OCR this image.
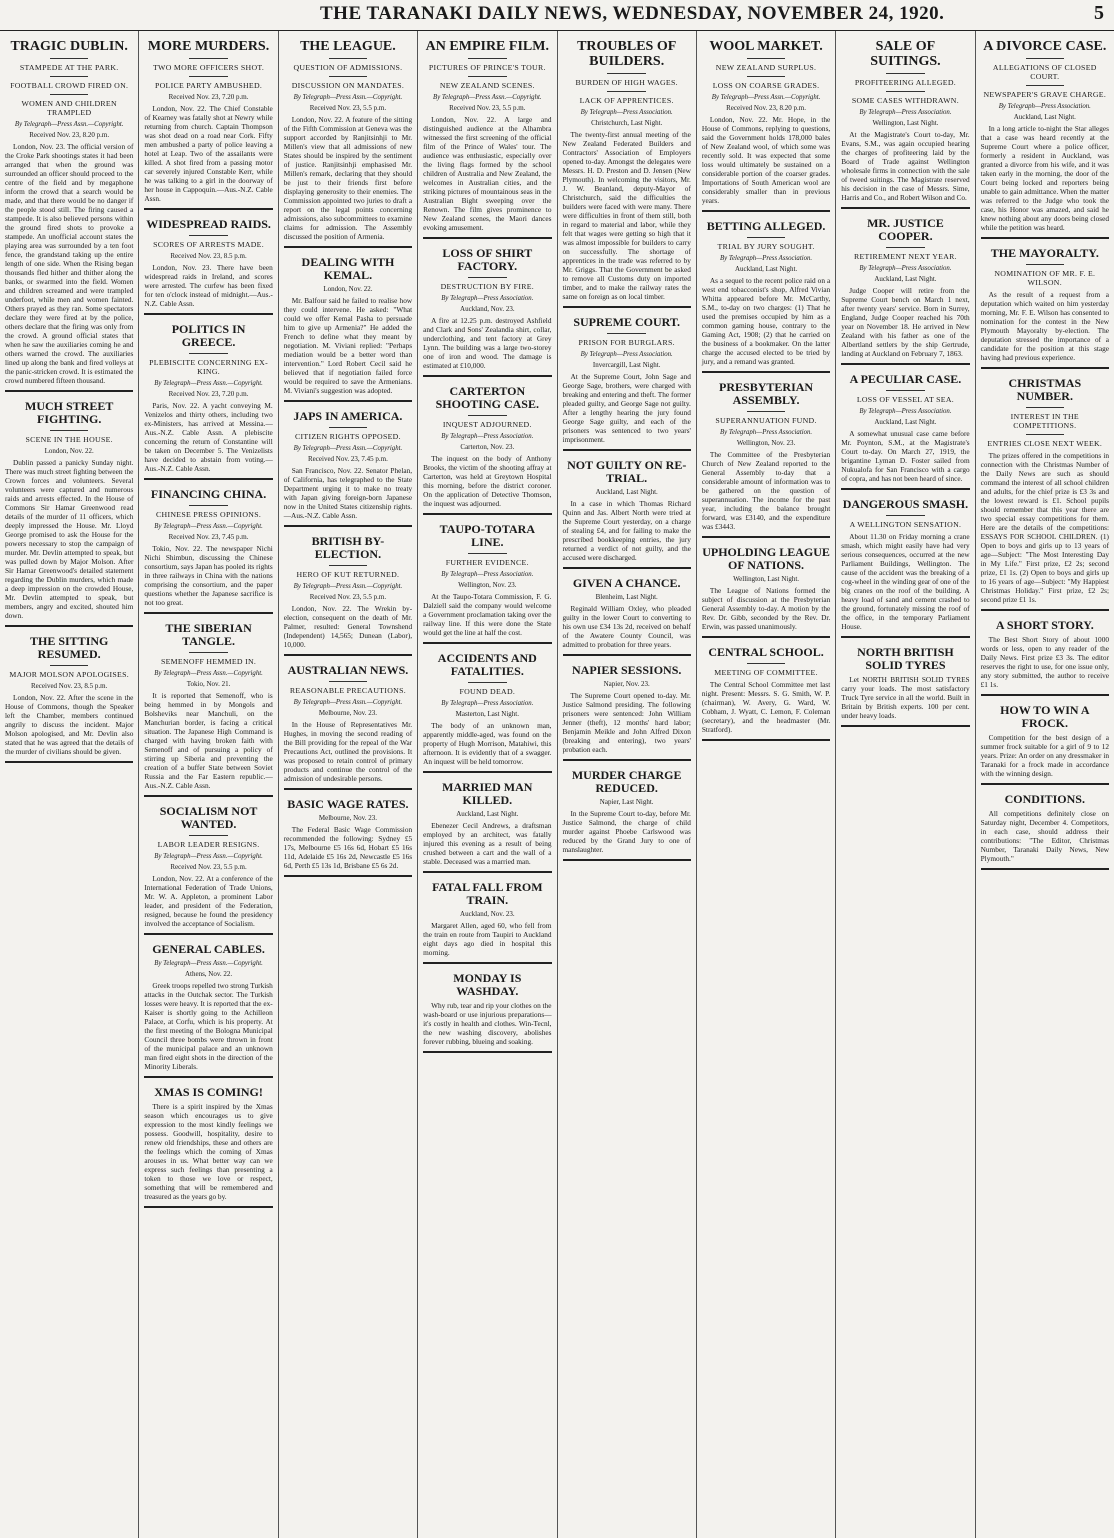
THE TARANAKI DAILY NEWS, WEDNESDAY, NOVEMBER 24, 1920.	5
TRAGIC DUBLIN.
STAMPEDE AT THE PARK.
FOOTBALL CROWD FIRED ON.
WOMEN AND CHILDREN TRAMPLED
By Telegraph—Press Assn.—Copyright.
Received Nov. 23, 8.20 p.m.

London, Nov. 23. The official version of the Croke Park shootings states it had been arranged that when the ground was surrounded an officer should proceed to the centre of the field and by megaphone inform the crowd that a search would be made, and that there would be no danger if the people stood still. The firing caused a stampede. It is also believed persons within the ground fired shots to provoke a stampede. An unofficial account states the playing area was surrounded by a ten foot fence, the grandstand taking up the entire length of one side. When the Rising began thousands fled hither and thither along the banks, or swarmed into the field. Women and children screamed and were trampled underfoot, while men and women fainted. Others prayed as they ran. Some spectators declare they were fired at by the police, others declare that the firing was only from the crowd. A ground official states that when he saw the auxiliaries coming he and others warned the crowd. The auxiliaries lined up along the bank and fired volleys at the panic-stricken crowd. It is estimated the crowd numbered fifteen thousand.

MUCH STREET FIGHTING.
SCENE IN THE HOUSE.
London, Nov. 22.

Dublin passed a panicky Sunday night. There was much street fighting between the Crown forces and volunteers. Several volunteers were captured and numerous raids and arrests effected. In the House of Commons Sir Hamar Greenwood read details of the murder of 11 officers, which deeply impressed the House. Mr. Lloyd George promised to ask the House for the powers necessary to stop the campaign of murder. Mr. Devlin attempted to speak, but was pulled down by Major Molson. After Sir Hamar Greenwood's detailed statement regarding the Dublin murders, which made a deep impression on the crowded House, Mr. Devlin attempted to speak, but members, angry and excited, shouted him down.

THE SITTING RESUMED.
MAJOR MOLSON APOLOGISES.
Received Nov. 23, 8.5 p.m.

London, Nov. 22. After the scene in the House of Commons, though the Speaker left the Chamber, members continued angrily to discuss the incident. Major Molson apologised, and Mr. Devlin also stated that he was agreed that the details of the murder of civilians should be given.

MORE MURDERS.
TWO MORE OFFICERS SHOT.
POLICE PARTY AMBUSHED.
Received Nov. 23, 7.20 p.m.

London, Nov. 22. The Chief Constable of Kearney was fatally shot at Newry while returning from church. Captain Thompson was shot dead on a road near Cork. Fifty men ambushed a party of police leaving a hotel at Leap. Two of the assailants were killed. A shot fired from a passing motor car severely injured Constable Kerr, while he was talking to a girl in the doorway of her house in Cappoquin.—Aus.-N.Z. Cable Assn.

WIDESPREAD RAIDS.
SCORES OF ARRESTS MADE.
Received Nov. 23, 8.5 p.m.

London, Nov. 23. There have been widespread raids in Ireland, and scores were arrested. The curfew has been fixed for ten o'clock instead of midnight.—Aus.-N.Z. Cable Assn.

POLITICS IN GREECE.
PLEBISCITE CONCERNING EX-KING.
By Telegraph—Press Assn.—Copyright.
Received Nov. 23, 7.20 p.m.

Paris, Nov. 22. A yacht conveying M. Venizelos and thirty others, including two ex-Ministers, has arrived at Messina.—Aus.-N.Z. Cable Assn. A plebiscite concerning the return of Constantine will be taken on December 5. The Venizelists have decided to abstain from voting.—Aus.-N.Z. Cable Assn.

FINANCING CHINA.
CHINESE PRESS OPINIONS.
By Telegraph—Press Assn.—Copyright.
Received Nov. 23, 7.45 p.m.

Tokio, Nov. 22. The newspaper Nichi Nichi Shimbun, discussing the Chinese consortium, says Japan has pooled its rights in three railways in China with the nations comprising the consortium, and the paper questions whether the Japanese sacrifice is not too great.

THE SIBERIAN TANGLE.
SEMENOFF HEMMED IN.
By Telegraph—Press Assn.—Copyright.
Tokio, Nov. 21.

It is reported that Semenoff, who is being hemmed in by Mongols and Bolsheviks near Manchuli, on the Manchurian border, is facing a critical situation. The Japanese High Command is charged with having broken faith with Semenoff and of pursuing a policy of stirring up Siberia and preventing the creation of a buffer State between Soviet Russia and the Far Eastern republic.—Aus.-N.Z. Cable Assn.

SOCIALISM NOT WANTED.
LABOR LEADER RESIGNS.
By Telegraph—Press Assn.—Copyright.
Received Nov. 23, 5.5 p.m.

London, Nov. 22. At a conference of the International Federation of Trade Unions, Mr. W. A. Appleton, a prominent Labor leader, and president of the Federation, resigned, because he found the presidency involved the acceptance of Socialism.

GENERAL CABLES.
By Telegraph—Press Assn.—Copyright.
Athens, Nov. 22.

Greek troops repelled two strong Turkish attacks in the Outchak sector. The Turkish losses were heavy. It is reported that the ex-Kaiser is shortly going to the Achilleon Palace, at Corfu, which is his property. At the first meeting of the Bologna Municipal Council three bombs were thrown in front of the municipal palace and an unknown man fired eight shots in the direction of the Minority Liberals.

XMAS IS COMING!

There is a spirit inspired by the Xmas season which encourages us to give expression to the most kindly feelings we possess. Goodwill, hospitality, desire to renew old friendships, these and others are the feelings which the coming of Xmas arouses in us. What better way can we express such feelings than presenting a token to those we love or respect, something that will be remembered and treasured as the years go by.

THE LEAGUE.
QUESTION OF ADMISSIONS.
DISCUSSION ON MANDATES.
By Telegraph—Press Assn.—Copyright.
Received Nov. 23, 5.5 p.m.

London, Nov. 22. A feature of the sitting of the Fifth Commission at Geneva was the support accorded by Ranjitsinhji to Mr. Millen's view that all admissions of new States should be inspired by the sentiment of justice. Ranjitsinhji emphasised Mr. Millen's remark, declaring that they should be just to their friends first before displaying generosity to their enemies. The Commission appointed two juries to draft a report on the legal points concerning admissions, also subcommittees to examine claims for admission. The Assembly discussed the position of Armenia.

DEALING WITH KEMAL.
London, Nov. 22.

Mr. Balfour said he failed to realise how they could intervene. He asked: "What could we offer Kemal Pasha to persuade him to give up Armenia?" He added the French to define what they meant by negotiation. M. Viviani replied: "Perhaps mediation would be a better word than intervention." Lord Robert Cecil said he believed that if negotiation failed force would be required to save the Armenians. M. Viviani's suggestion was adopted.

JAPS IN AMERICA.
CITIZEN RIGHTS OPPOSED.
By Telegraph—Press Assn.—Copyright.
Received Nov. 23, 7.45 p.m.

San Francisco, Nov. 22. Senator Phelan, of California, has telegraphed to the State Department urging it to make no treaty with Japan giving foreign-born Japanese now in the United States citizenship rights.—Aus.-N.Z. Cable Assn.

BRITISH BY-ELECTION.
HERO OF KUT RETURNED.
By Telegraph—Press Assn.—Copyright.
Received Nov. 23, 5.5 p.m.

London, Nov. 22. The Wrekin by-election, consequent on the death of Mr. Palmer, resulted: General Townshend (Independent) 14,565; Dunean (Labor), 10,000.

AUSTRALIAN NEWS.
REASONABLE PRECAUTIONS.
By Telegraph—Press Assn.—Copyright.
Melbourne, Nov. 23.

In the House of Representatives Mr. Hughes, in moving the second reading of the Bill providing for the repeal of the War Precautions Act, outlined the provisions. It was proposed to retain control of primary products and continue the control of the admission of undesirable persons.

BASIC WAGE RATES.
Melbourne, Nov. 23.

The Federal Basic Wage Commission recommended the following: Sydney £5 17s, Melbourne £5 16s 6d, Hobart £5 16s 11d, Adelaide £5 16s 2d, Newcastle £5 16s 6d, Perth £5 13s 1d, Brisbane £5 6s 2d.

AN EMPIRE FILM.
PICTURES OF PRINCE'S TOUR.
NEW ZEALAND SCENES.
By Telegraph—Press Assn.—Copyright.
Received Nov. 23, 5.5 p.m.

London, Nov. 22. A large and distinguished audience at the Alhambra witnessed the first screening of the official film of the Prince of Wales' tour. The audience was enthusiastic, especially over the living flags formed by the school children of Australia and New Zealand, the welcomes in Australian cities, and the striking pictures of mountainous seas in the Australian Bight sweeping over the Renown. The film gives prominence to New Zealand scenes, the Maori dances evoking amusement.

LOSS OF SHIRT FACTORY.
DESTRUCTION BY FIRE.
By Telegraph—Press Association.
Auckland, Nov. 23.

A fire at 12.25 p.m. destroyed Ashfield and Clark and Sons' Zealandia shirt, collar, underclothing, and tent factory at Grey Lynn. The building was a large two-storey one of iron and wood. The damage is estimated at £10,000.

CARTERTON SHOOTING CASE.
INQUEST ADJOURNED.
By Telegraph—Press Association.
Carterton, Nov. 23.

The inquest on the body of Anthony Brooks, the victim of the shooting affray at Carterton, was held at Greytown Hospital this morning, before the district coroner. On the application of Detective Thomson, the inquest was adjourned.

TAUPO-TOTARA LINE.
FURTHER EVIDENCE.
By Telegraph—Press Association.
Wellington, Nov. 23.

At the Taupo-Totara Commission, F. G. Dalziell said the company would welcome a Government proclamation taking over the railway line. If this were done the State would get the line at half the cost.

ACCIDENTS AND FATALITIES.
FOUND DEAD.
By Telegraph—Press Association.
Masterton, Last Night.

The body of an unknown man, apparently middle-aged, was found on the property of Hugh Morrison, Matahiwi, this afternoon. It is evidently that of a swagger. An inquest will be held tomorrow.

MARRIED MAN KILLED.
Auckland, Last Night.

Ebenezer Cecil Andrews, a draftsman employed by an architect, was fatally injured this evening as a result of being crushed between a cart and the wall of a stable. Deceased was a married man.

FATAL FALL FROM TRAIN.
Auckland, Nov. 23.

Margaret Allen, aged 60, who fell from the train en route from Taupiri to Auckland eight days ago died in hospital this morning.

MONDAY IS WASHDAY.

Why rub, tear and rip your clothes on the wash-board or use injurious preparations—it's costly in health and clothes. Win-Tecnl, the new washing discovery, abolishes forever rubbing, blueing and soaking.

TROUBLES OF BUILDERS.
BURDEN OF HIGH WAGES.
LACK OF APPRENTICES.
By Telegraph—Press Association.
Christchurch, Last Night.

The twenty-first annual meeting of the New Zealand Federated Builders and Contractors' Association of Employers opened to-day. Amongst the delegates were Messrs. H. D. Preston and D. Jensen (New Plymouth). In welcoming the visitors, Mr. J. W. Beanland, deputy-Mayor of Christchurch, said the difficulties the builders were faced with were many. There were difficulties in front of them still, both in regard to material and labor, while they felt that wages were getting so high that it was almost impossible for builders to carry on successfully. The shortage of apprentices in the trade was referred to by Mr. Griggs. That the Government be asked to remove all Customs duty on imported timber, and to make the railway rates the same on foreign as on local timber.

SUPREME COURT.
PRISON FOR BURGLARS.
By Telegraph—Press Association.
Invercargill, Last Night.

At the Supreme Court, John Sage and George Sage, brothers, were charged with breaking and entering and theft. The former pleaded guilty, and George Sage not guilty. After a lengthy hearing the jury found George Sage guilty, and each of the prisoners was sentenced to two years' imprisonment.

NOT GUILTY ON RE-TRIAL.
Auckland, Last Night.

In a case in which Thomas Richard Quinn and Jas. Albert North were tried at the Supreme Court yesterday, on a charge of stealing £4, and for failing to make the prescribed bookkeeping entries, the jury returned a verdict of not guilty, and the accused were discharged.

GIVEN A CHANCE.
Blenheim, Last Night.

Reginald William Oxley, who pleaded guilty in the lower Court to converting to his own use £34 13s 2d, received on behalf of the Awatere County Council, was admitted to probation for three years.

NAPIER SESSIONS.
Napier, Nov. 23.

The Supreme Court opened to-day. Mr. Justice Salmond presiding. The following prisoners were sentenced: John William Jenner (theft), 12 months' hard labor; Benjamin Meikle and John Alfred Dixon (breaking and entering), two years' probation each.

MURDER CHARGE REDUCED.
Napier, Last Night.

In the Supreme Court to-day, before Mr. Justice Salmond, the charge of child murder against Phoebe Carlswood was reduced by the Grand Jury to one of manslaughter.

WOOL MARKET.
NEW ZEALAND SURPLUS.
LOSS ON COARSE GRADES.
By Telegraph—Press Assn.—Copyright.
Received Nov. 23, 8.20 p.m.

London, Nov. 22. Mr. Hope, in the House of Commons, replying to questions, said the Government holds 178,000 bales of New Zealand wool, of which some was recently sold. It was expected that some loss would ultimately be sustained on a considerable portion of the coarser grades. Importations of South American wool are considerably smaller than in previous years.

BETTING ALLEGED.
TRIAL BY JURY SOUGHT.
By Telegraph—Press Association.
Auckland, Last Night.

As a sequel to the recent police raid on a west end tobacconist's shop, Alfred Vivian Whitta appeared before Mr. McCarthy, S.M., to-day on two charges: (1) That he used the premises occupied by him as a common gaming house, contrary to the Gaming Act, 1908; (2) that he carried on the business of a bookmaker. On the latter charge the accused elected to be tried by jury, and a remand was granted.

PRESBYTERIAN ASSEMBLY.
SUPERANNUATION FUND.
By Telegraph—Press Association.
Wellington, Nov. 23.

The Committee of the Presbyterian Church of New Zealand reported to the General Assembly to-day that a considerable amount of information was to be gathered on the question of superannuation. The income for the past year, including the balance brought forward, was £3140, and the expenditure was £3443.

UPHOLDING LEAGUE OF NATIONS.
Wellington, Last Night.

The League of Nations formed the subject of discussion at the Presbyterian General Assembly to-day. A motion by the Rev. Dr. Gibb, seconded by the Rev. Dr. Erwin, was passed unanimously.

CENTRAL SCHOOL.
MEETING OF COMMITTEE.

The Central School Committee met last night. Present: Messrs. S. G. Smith, W. P. (chairman), W. Avery, G. Ward, W. Cobham, J. Wyatt, C. Lemon, F. Coleman (secretary), and the headmaster (Mr. Stratford).

SALE OF SUITINGS.
PROFITEERING ALLEGED.
SOME CASES WITHDRAWN.
By Telegraph—Press Association.
Wellington, Last Night.

At the Magistrate's Court to-day, Mr. Evans, S.M., was again occupied hearing the charges of profiteering laid by the Board of Trade against Wellington wholesale firms in connection with the sale of tweed suitings. The Magistrate reserved his decision in the case of Messrs. Sime, Harris and Co., and Robert Wilson and Co.

MR. JUSTICE COOPER.
RETIREMENT NEXT YEAR.
By Telegraph—Press Association.
Auckland, Last Night.

Judge Cooper will retire from the Supreme Court bench on March 1 next, after twenty years' service. Born in Surrey, England, Judge Cooper reached his 70th year on November 18. He arrived in New Zealand with his father as one of the Albertland settlers by the ship Gertrude, landing at Auckland on February 7, 1863.

A PECULIAR CASE.
LOSS OF VESSEL AT SEA.
By Telegraph—Press Association.
Auckland, Last Night.

A somewhat unusual case came before Mr. Poynton, S.M., at the Magistrate's Court to-day. On March 27, 1919, the brigantine Lyman D. Foster sailed from Nukualofa for San Francisco with a cargo of copra, and has not been heard of since.

DANGEROUS SMASH.
A WELLINGTON SENSATION.

About 11.30 on Friday morning a crane smash, which might easily have had very serious consequences, occurred at the new Parliament Buildings, Wellington. The cause of the accident was the breaking of a cog-wheel in the winding gear of one of the big cranes on the roof of the building. A heavy load of sand and cement crashed to the ground, fortunately missing the roof of the office, in the temporary Parliament House.

NORTH BRITISH SOLID TYRES

Let NORTH BRITISH SOLID TYRES carry your loads. The most satisfactory Truck Tyre service in all the world. Built in Britain by British experts. 100 per cent. under heavy loads.

A DIVORCE CASE.
ALLEGATIONS OF CLOSED COURT.
NEWSPAPER'S GRAVE CHARGE.
By Telegraph—Press Association.
Auckland, Last Night.

In a long article to-night the Star alleges that a case was heard recently at the Supreme Court where a police officer, formerly a resident in Auckland, was granted a divorce from his wife, and it was taken early in the morning, the door of the Court being locked and reporters being unable to gain admittance. When the matter was referred to the Judge who took the case, his Honor was amazed, and said he knew nothing about any doors being closed while the petition was heard.

THE MAYORALTY.
NOMINATION OF MR. F. E. WILSON.

As the result of a request from a deputation which waited on him yesterday morning, Mr. F. E. Wilson has consented to nomination for the contest in the New Plymouth Mayoralty by-election. The deputation stressed the importance of a candidate for the position at this stage having had previous experience.

CHRISTMAS NUMBER.
INTEREST IN THE COMPETITIONS.
ENTRIES CLOSE NEXT WEEK.

The prizes offered in the competitions in connection with the Christmas Number of the Daily News are such as should command the interest of all school children and adults, for the chief prize is £3 3s and the lowest reward is £1. School pupils should remember that this year there are two special essay competitions for them. Here are the details of the competitions: ESSAYS FOR SCHOOL CHILDREN. (1) Open to boys and girls up to 13 years of age—Subject: "The Most Interesting Day in My Life." First prize, £2 2s; second prize, £1 1s. (2) Open to boys and girls up to 16 years of age—Subject: "My Happiest Christmas Holiday." First prize, £2 2s; second prize £1 1s.

A SHORT STORY.

The Best Short Story of about 1000 words or less, open to any reader of the Daily News. First prize £3 3s. The editor reserves the right to use, for one issue only, any story submitted, the author to receive £1 1s.

HOW TO WIN A FROCK.

Competition for the best design of a summer frock suitable for a girl of 9 to 12 years. Prize: An order on any dressmaker in Taranaki for a frock made in accordance with the winning design.

CONDITIONS.

All competitions definitely close on Saturday night, December 4. Competitors, in each case, should address their contributions: "The Editor, Christmas Number, Taranaki Daily News, New Plymouth."
